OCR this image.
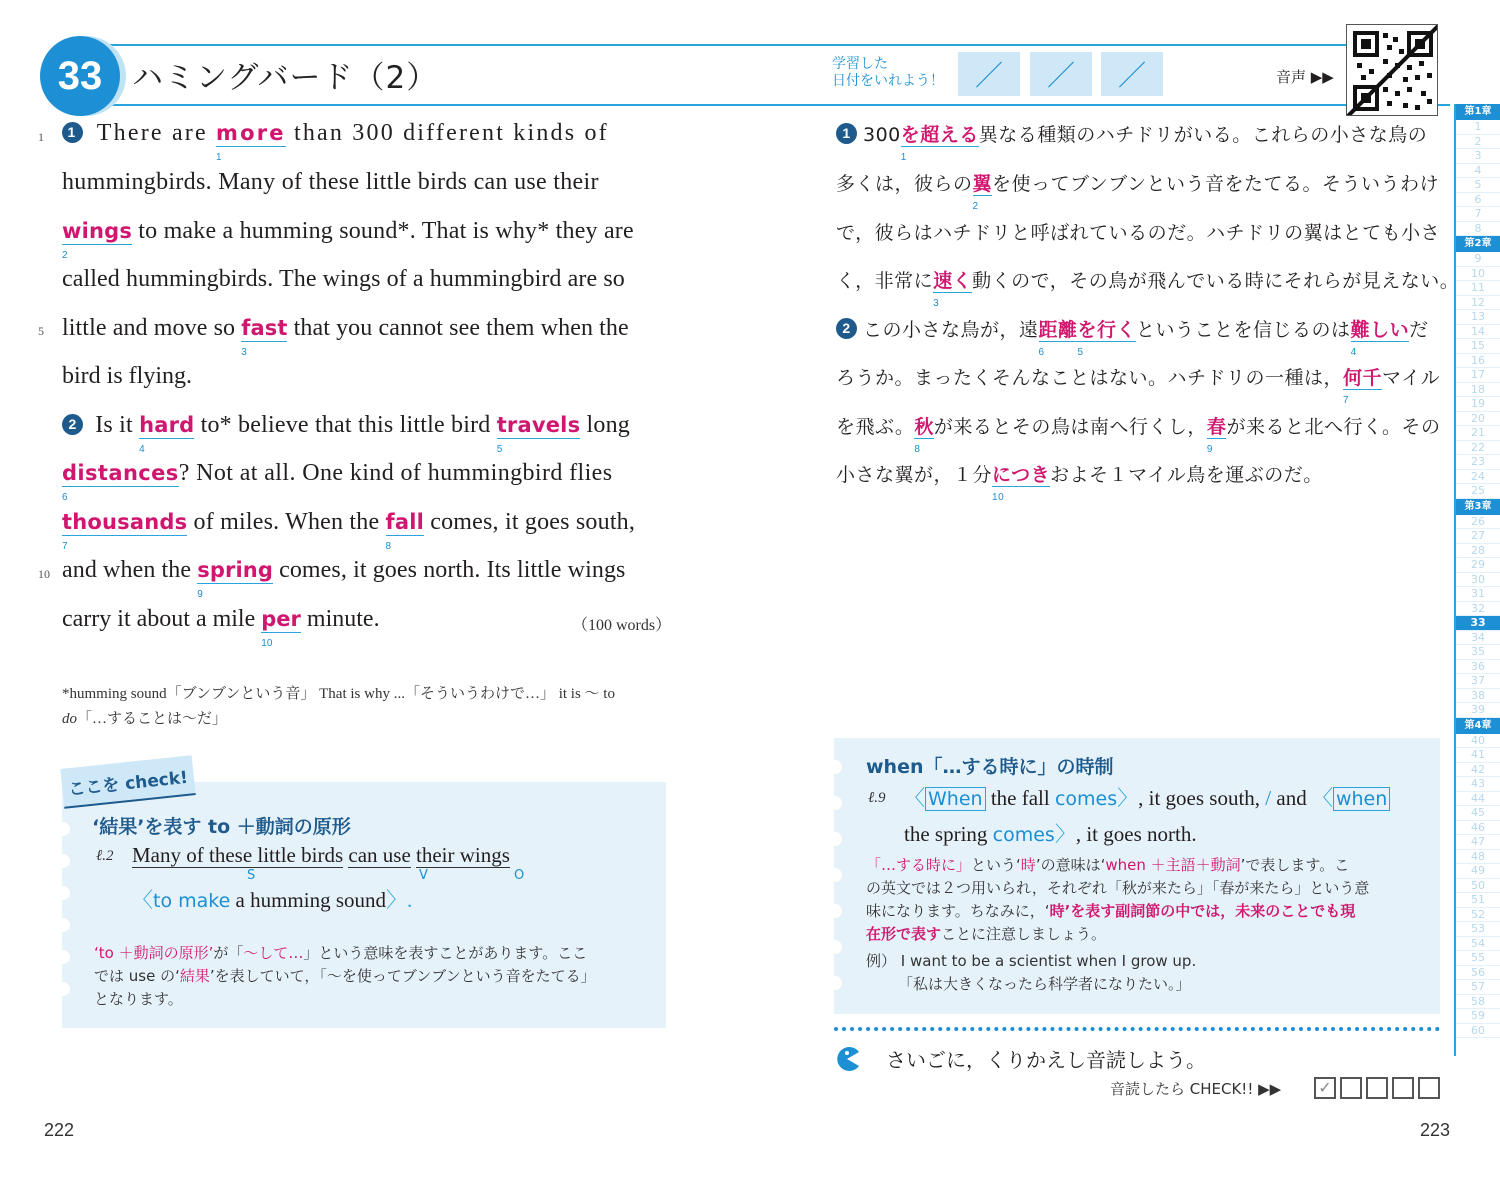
33 ハミングバード（2）	学習した
日付をいれよう！	／	／	／	音声 ▶▶
第1章
1
2
3
4
5
6
7
8
第2章
9
10
11
12
13
14
15
16
17
18
19
20
21
22
23
24
25
第3章
26
27
28
29
30
31
32
33
34
35
36
37
38
39
第4章
40
41
42
43
44
45
46
47
48
49
50
51
52
53
54
55
56
57
58
59
60
1
5
10
1 There are more
1
than 300 different kinds of
hummingbirds. Many of these little birds can use their
wings
2
to make a humming sound*. That is why* they are
called hummingbirds. The wings of a hummingbird are so
little and move so fast
3
that you cannot see them when the
bird is flying.
2 Is it hard
4
to* believe that this little bird travels
5
long
distances
6
? Not at all. One kind of hummingbird flies
thousands
7
of miles. When the fall
8
comes, it goes south,
and when the spring
9
comes, it goes north. Its little wings
carry it about a mile per
10
minute.	（100 words）
*humming sound「ブンブンという音」 That is why ...「そういうわけで…」 it is ～ to
do「…することは～だ」
‘結果’を表す to ＋動詞の原形
ℓ.2 Many of these little birds can use their wings
S	V	O
〈to make a humming sound〉.
‘to ＋動詞の原形’が「～して…」という意味を表すことがあります。ここ
では use の‘結果’を表していて，「～を使ってブンブンという音をたてる」
となります。
ここを check!
1 300を超える
1
異なる種類のハチドリがいる。これらの小さな鳥の
多くは，彼らの翼
2
を使ってブンブンという音をたてる。そういうわけ
で，彼らはハチドリと呼ばれているのだ。ハチドリの翼はとても小さ
く，非常に速く
3
動くので，その鳥が飛んでいる時にそれらが見えない。
2 この小さな鳥が，遠距離
6
を行く
5
ということを信じるのは難しい
4
だ
ろうか。まったくそんなことはない。ハチドリの一種は，何千
7
マイル
を飛ぶ。秋
8
が来るとその鳥は南へ行くし，春
9
が来ると北へ行く。その
小さな翼が，１分につき
10
およそ１マイル鳥を運ぶのだ。
when「…する時に」の時制
ℓ.9 〈 When the fall comes〉, it goes south, / and 〈 when
the spring comes〉, it goes north.
「…する時に」という‘時’の意味は‘when ＋主語＋動詞’で表します。こ
の英文では２つ用いられ，それぞれ「秋が来たら」「春が来たら」という意
味になります。ちなみに，‘時’を表す副詞節の中では，未来のことでも現
在形で表すことに注意しましょう。
例） I want to be a scientist when I grow up.
「私は大きくなったら科学者になりたい。」
さいごに，くりかえし音読しよう。
音読したら CHECK!! ▶▶ ✓
222	223
